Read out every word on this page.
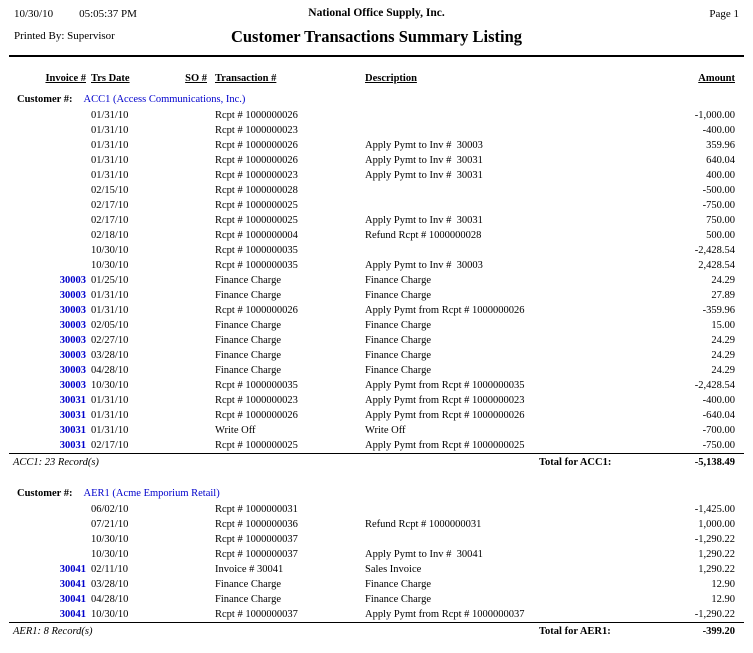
10/30/10 05:05:37 PM	National Office Supply, Inc.	Page 1
Printed By: Supervisor	Customer Transactions Summary Listing
Invoice #	Trs Date	SO #	Transaction #	Description	Amount
Customer #: ACC1 (Access Communications, Inc.)					
	01/31/10		Rcpt # 1000000026		-1,000.00
	01/31/10		Rcpt # 1000000023		-400.00
	01/31/10		Rcpt # 1000000026	Apply Pymt to Inv #  30003	359.96
	01/31/10		Rcpt # 1000000026	Apply Pymt to Inv #  30031	640.04
	01/31/10		Rcpt # 1000000023	Apply Pymt to Inv #  30031	400.00
	02/15/10		Rcpt # 1000000028		-500.00
	02/17/10		Rcpt # 1000000025		-750.00
	02/17/10		Rcpt # 1000000025	Apply Pymt to Inv #  30031	750.00
	02/18/10		Rcpt # 1000000004	Refund Rcpt # 1000000028	500.00
	10/30/10		Rcpt # 1000000035		-2,428.54
	10/30/10		Rcpt # 1000000035	Apply Pymt to Inv #  30003	2,428.54
30003	01/25/10		Finance Charge	Finance Charge	24.29
30003	01/31/10		Finance Charge	Finance Charge	27.89
30003	01/31/10		Rcpt # 1000000026	Apply Pymt from Rcpt # 1000000026	-359.96
30003	02/05/10		Finance Charge	Finance Charge	15.00
30003	02/27/10		Finance Charge	Finance Charge	24.29
30003	03/28/10		Finance Charge	Finance Charge	24.29
30003	04/28/10		Finance Charge	Finance Charge	24.29
30003	10/30/10		Rcpt # 1000000035	Apply Pymt from Rcpt # 1000000035	-2,428.54
30031	01/31/10		Rcpt # 1000000023	Apply Pymt from Rcpt # 1000000023	-400.00
30031	01/31/10		Rcpt # 1000000026	Apply Pymt from Rcpt # 1000000026	-640.04
30031	01/31/10		Write Off	Write Off	-700.00
30031	02/17/10		Rcpt # 1000000025	Apply Pymt from Rcpt # 1000000025	-750.00
ACC1: 23 Record(s)					Total for ACC1: -5,138.49

Customer #: AER1 (Acme Emporium Retail)					
	06/02/10		Rcpt # 1000000031		-1,425.00
	07/21/10		Rcpt # 1000000036	Refund Rcpt # 1000000031	1,000.00
	10/30/10		Rcpt # 1000000037		-1,290.22
	10/30/10		Rcpt # 1000000037	Apply Pymt to Inv #  30041	1,290.22
30041	02/11/10		Invoice # 30041	Sales Invoice	1,290.22
30041	03/28/10		Finance Charge	Finance Charge	12.90
30041	04/28/10		Finance Charge	Finance Charge	12.90
30041	10/30/10		Rcpt # 1000000037	Apply Pymt from Rcpt # 1000000037	-1,290.22
AER1: 8 Record(s)					Total for AER1: -399.20
